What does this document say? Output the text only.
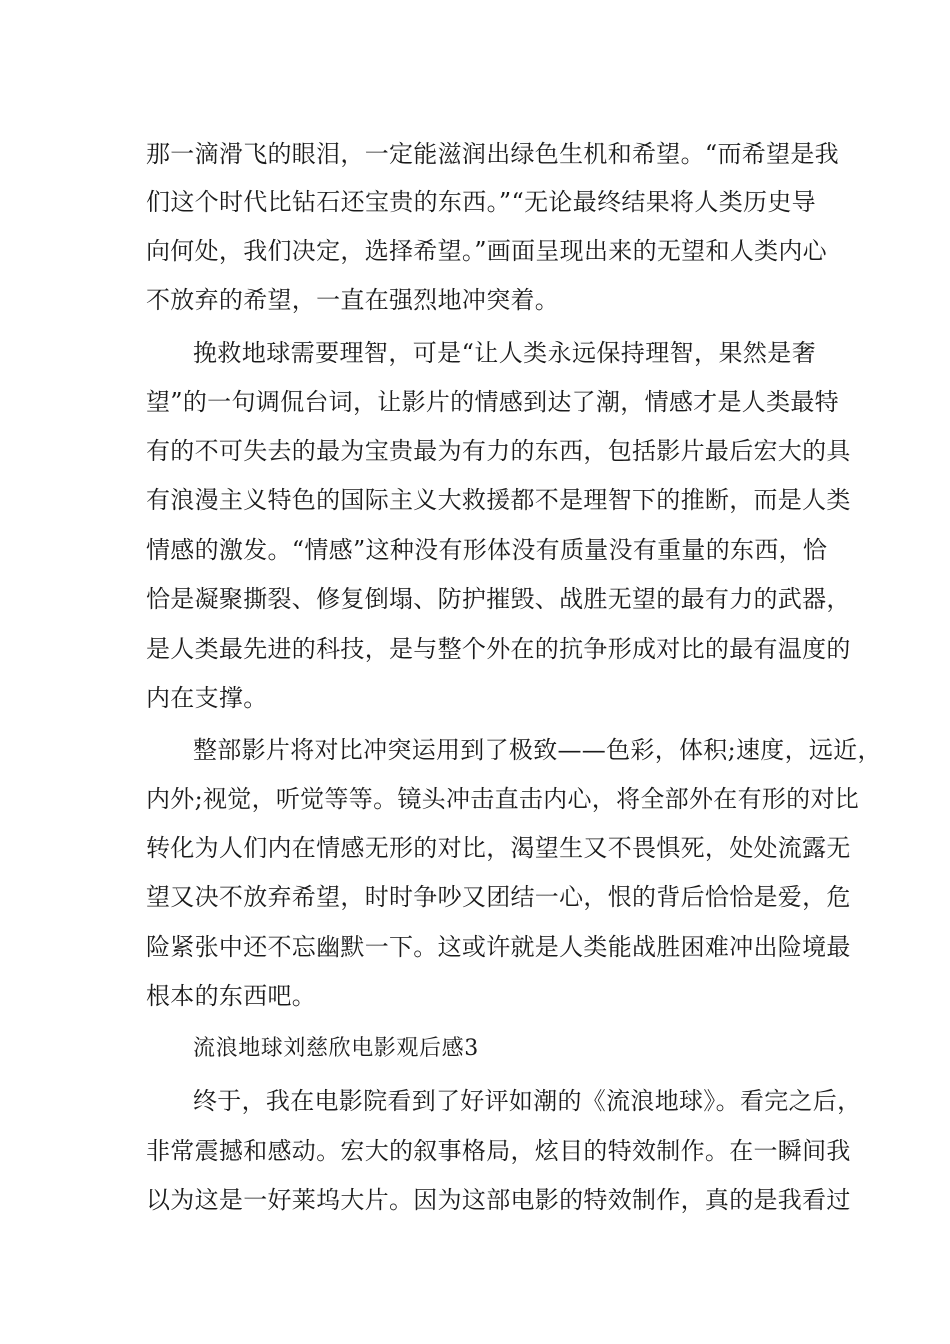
那一滴滑飞的眼泪，一定能滋润出绿色生机和希望。“而希望是我

们这个时代比钻石还宝贵的东西。”“无论最终结果将人类历史导

向何处，我们决定，选择希望。”画面呈现出来的无望和人类内心

不放弃的希望，一直在强烈地冲突着。

挽救地球需要理智，可是“让人类永远保持理智，果然是奢

望”的一句调侃台词，让影片的情感到达了潮，情感才是人类最特

有的不可失去的最为宝贵最为有力的东西，包括影片最后宏大的具

有浪漫主义特色的国际主义大救援都不是理智下的推断，而是人类

情感的激发。“情感”这种没有形体没有质量没有重量的东西，恰

恰是凝聚撕裂、修复倒塌、防护摧毁、战胜无望的最有力的武器，

是人类最先进的科技，是与整个外在的抗争形成对比的最有温度的

内在支撑。

整部影片将对比冲突运用到了极致——色彩，体积;速度，远近，

内外;视觉，听觉等等。镜头冲击直击内心，将全部外在有形的对比

转化为人们内在情感无形的对比，渴望生又不畏惧死，处处流露无

望又决不放弃希望，时时争吵又团结一心，恨的背后恰恰是爱，危

险紧张中还不忘幽默一下。这或许就是人类能战胜困难冲出险境最

根本的东西吧。

流浪地球刘慈欣电影观后感3

终于，我在电影院看到了好评如潮的《流浪地球》。看完之后，

非常震撼和感动。宏大的叙事格局，炫目的特效制作。在一瞬间我

以为这是一好莱坞大片。因为这部电影的特效制作，真的是我看过
